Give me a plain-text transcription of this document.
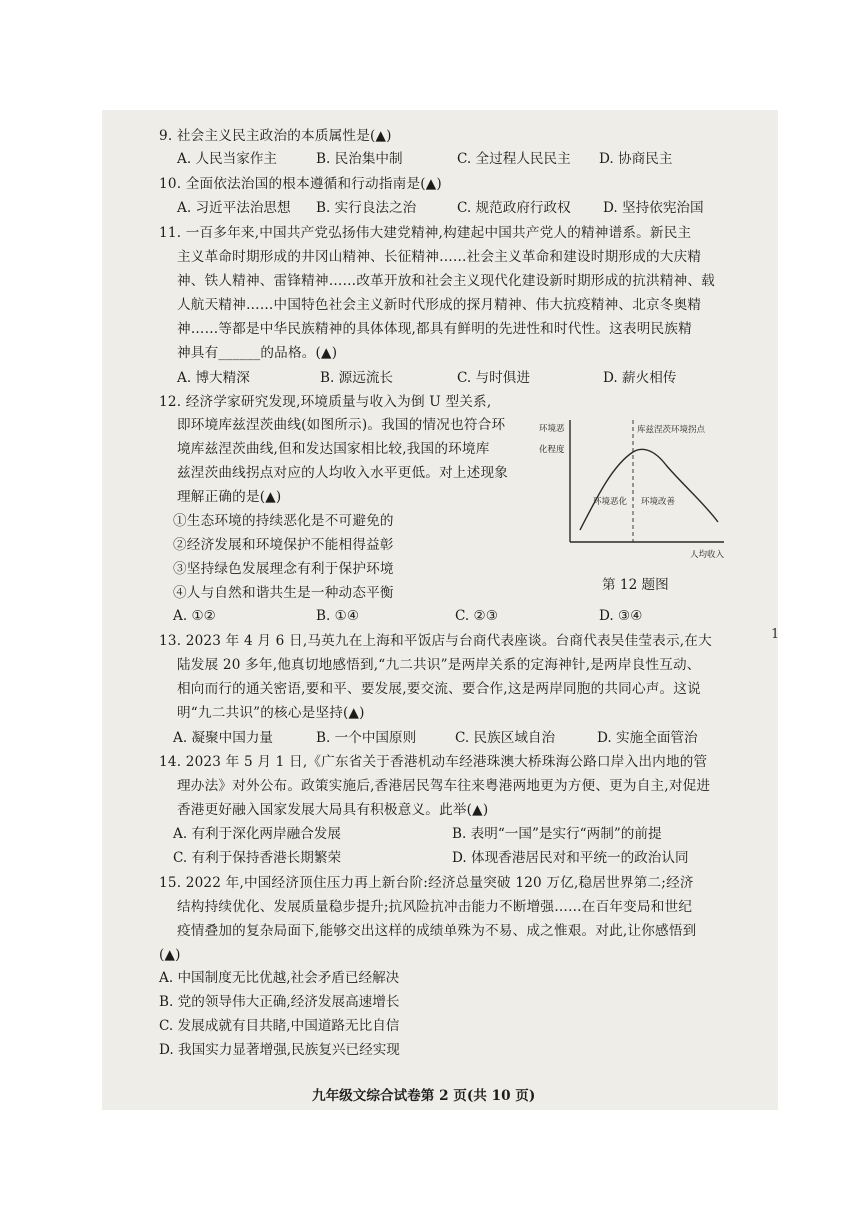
9. 社会主义民主政治的本质属性是(▲)
A. 人民当家作主	B. 民治集中制	C. 全过程人民民主 D. 协商民主
10. 全面依法治国的根本遵循和行动指南是(▲)
A. 习近平法治思想 B. 实行良法之治	C. 规范政府行政权 D. 坚持依宪治国
11. 一百多年来,中国共产党弘扬伟大建党精神,构建起中国共产党人的精神谱系。新民主
主义革命时期形成的井冈山精神、长征精神……社会主义革命和建设时期形成的大庆精
神、铁人精神、雷锋精神……改革开放和社会主义现代化建设新时期形成的抗洪精神、载
人航天精神……中国特色社会主义新时代形成的探月精神、伟大抗疫精神、北京冬奥精
神……等都是中华民族精神的具体体现,都具有鲜明的先进性和时代性。这表明民族精
神具有______的品格。(▲)
A. 博大精深	B. 源远流长	C. 与时俱进	D. 薪火相传
12. 经济学家研究发现,环境质量与收入为倒 U 型关系,
即环境库兹涅茨曲线(如图所示)。我国的情况也符合环
境库兹涅茨曲线,但和发达国家相比较,我国的环境库
兹涅茨曲线拐点对应的人均收入水平更低。对上述现象
理解正确的是(▲)
①生态环境的持续恶化是不可避免的
②经济发展和环境保护不能相得益彰
③坚持绿色发展理念有利于保护环境
④人与自然和谐共生是一种动态平衡
A. ①②	B. ①④	C. ②③	D. ③④
环境恶
化程度
库兹涅茨环境拐点
环境恶化 环境改善
人均收入
第 12 题图
13. 2023 年 4 月 6 日,马英九在上海和平饭店与台商代表座谈。台商代表吴佳莹表示,在大
陆发展 20 多年,他真切地感悟到,“九二共识”是两岸关系的定海神针,是两岸良性互动、
相向而行的通关密语,要和平、要发展,要交流、要合作,这是两岸同胞的共同心声。这说
明“九二共识”的核心是坚持(▲)
A. 凝聚中国力量	B. 一个中国原则	C. 民族区域自治	D. 实施全面管治
14. 2023 年 5 月 1 日,《广东省关于香港机动车经港珠澳大桥珠海公路口岸入出内地的管
理办法》对外公布。政策实施后,香港居民驾车往来粤港两地更为方便、更为自主,对促进
香港更好融入国家发展大局具有积极意义。此举(▲)
A. 有利于深化两岸融合发展	B. 表明“一国”是实行“两制”的前提
C. 有利于保持香港长期繁荣	D. 体现香港居民对和平统一的政治认同
15. 2022 年,中国经济顶住压力再上新台阶:经济总量突破 120 万亿,稳居世界第二;经济
结构持续优化、发展质量稳步提升;抗风险抗冲击能力不断增强……在百年变局和世纪
疫情叠加的复杂局面下,能够交出这样的成绩单殊为不易、成之惟艰。对此,让你感悟到
(▲)
A. 中国制度无比优越,社会矛盾已经解决
B. 党的领导伟大正确,经济发展高速增长
C. 发展成就有目共睹,中国道路无比自信
D. 我国实力显著增强,民族复兴已经实现
九年级文综合试卷第 2 页(共 10 页)
1
